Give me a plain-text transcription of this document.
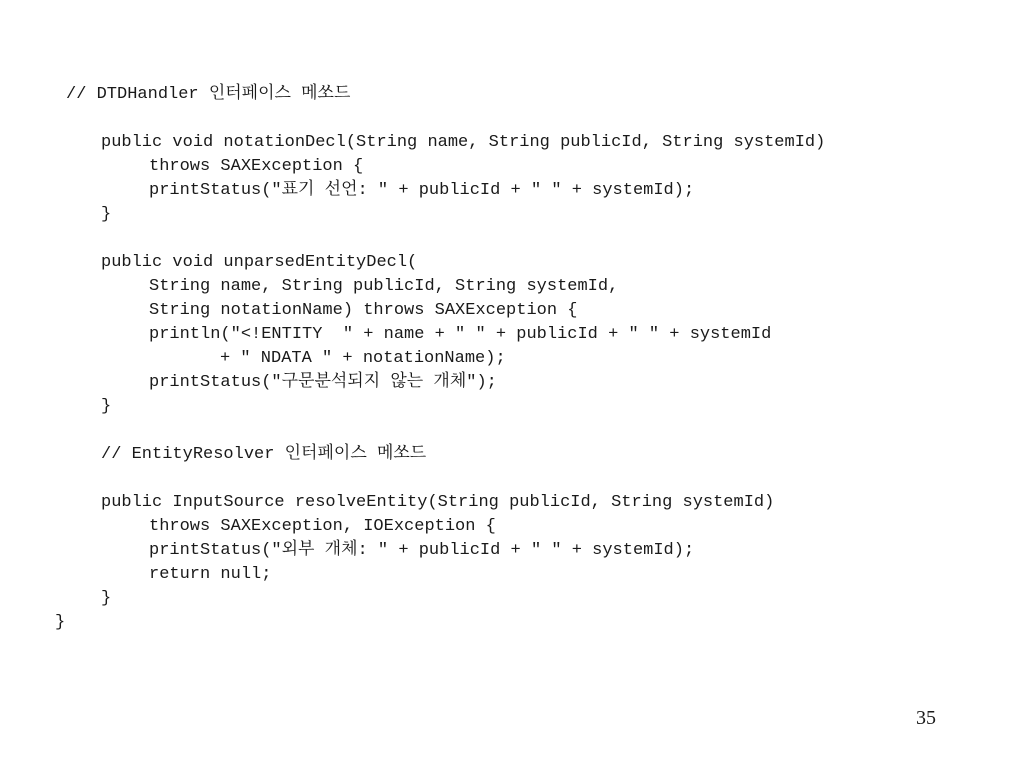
// DTDHandler 인터페이스 메쏘드
public void notationDecl(String name, String publicId, String systemId)
throws SAXException {
printStatus("표기 선언: " + publicId + " " + systemId);
}
public void unparsedEntityDecl(
String name, String publicId, String systemId,
String notationName) throws SAXException {
println("<!ENTITY  " + name + " " + publicId + " " + systemId
+ " NDATA " + notationName);
printStatus("구문분석되지 않는 개체");
}
// EntityResolver 인터페이스 메쏘드
public InputSource resolveEntity(String publicId, String systemId)
throws SAXException, IOException {
printStatus("외부 개체: " + publicId + " " + systemId);
return null;
}
}
35
